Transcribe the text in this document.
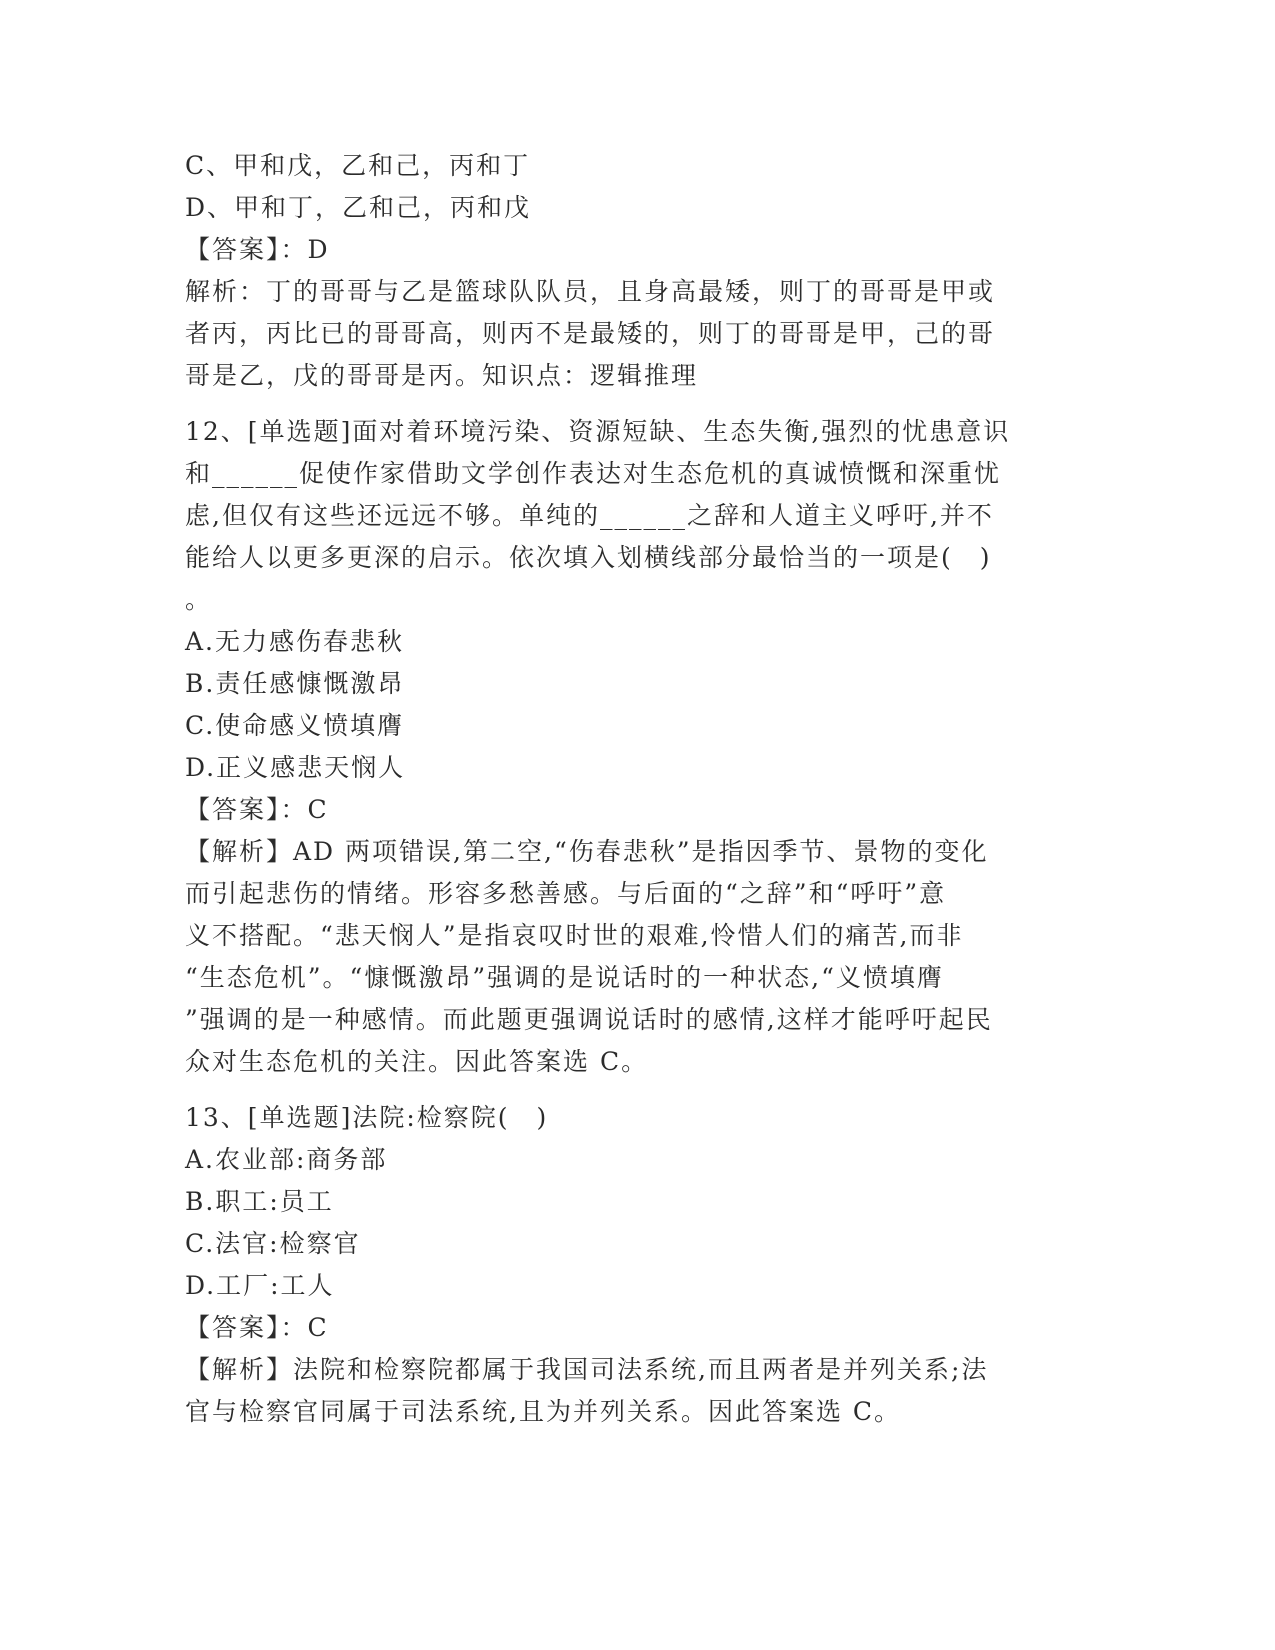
C、甲和戊，乙和己，丙和丁
D、甲和丁，乙和己，丙和戊
【答案】：D
解析：丁的哥哥与乙是篮球队队员，且身高最矮，则丁的哥哥是甲或
者丙，丙比已的哥哥高，则丙不是最矮的，则丁的哥哥是甲，己的哥
哥是乙，戊的哥哥是丙。知识点：逻辑推理
12、[单选题]面对着环境污染、资源短缺、生态失衡,强烈的忧患意识
和______促使作家借助文学创作表达对生态危机的真诚愤慨和深重忧
虑,但仅有这些还远远不够。单纯的______之辞和人道主义呼吁,并不
能给人以更多更深的启示。依次填入划横线部分最恰当的一项是(　)
。
A.无力感伤春悲秋
B.责任感慷慨激昂
C.使命感义愤填膺
D.正义感悲天悯人
【答案】：C
【解析】AD 两项错误,第二空,“伤春悲秋”是指因季节、景物的变化
而引起悲伤的情绪。形容多愁善感。与后面的“之辞”和“呼吁”意
义不搭配。“悲天悯人”是指哀叹时世的艰难,怜惜人们的痛苦,而非
“生态危机”。“慷慨激昂”强调的是说话时的一种状态,“义愤填膺
”强调的是一种感情。而此题更强调说话时的感情,这样才能呼吁起民
众对生态危机的关注。因此答案选 C。
13、[单选题]法院:检察院(　)
A.农业部:商务部
B.职工:员工
C.法官:检察官
D.工厂:工人
【答案】：C
【解析】法院和检察院都属于我国司法系统,而且两者是并列关系;法
官与检察官同属于司法系统,且为并列关系。因此答案选 C。
